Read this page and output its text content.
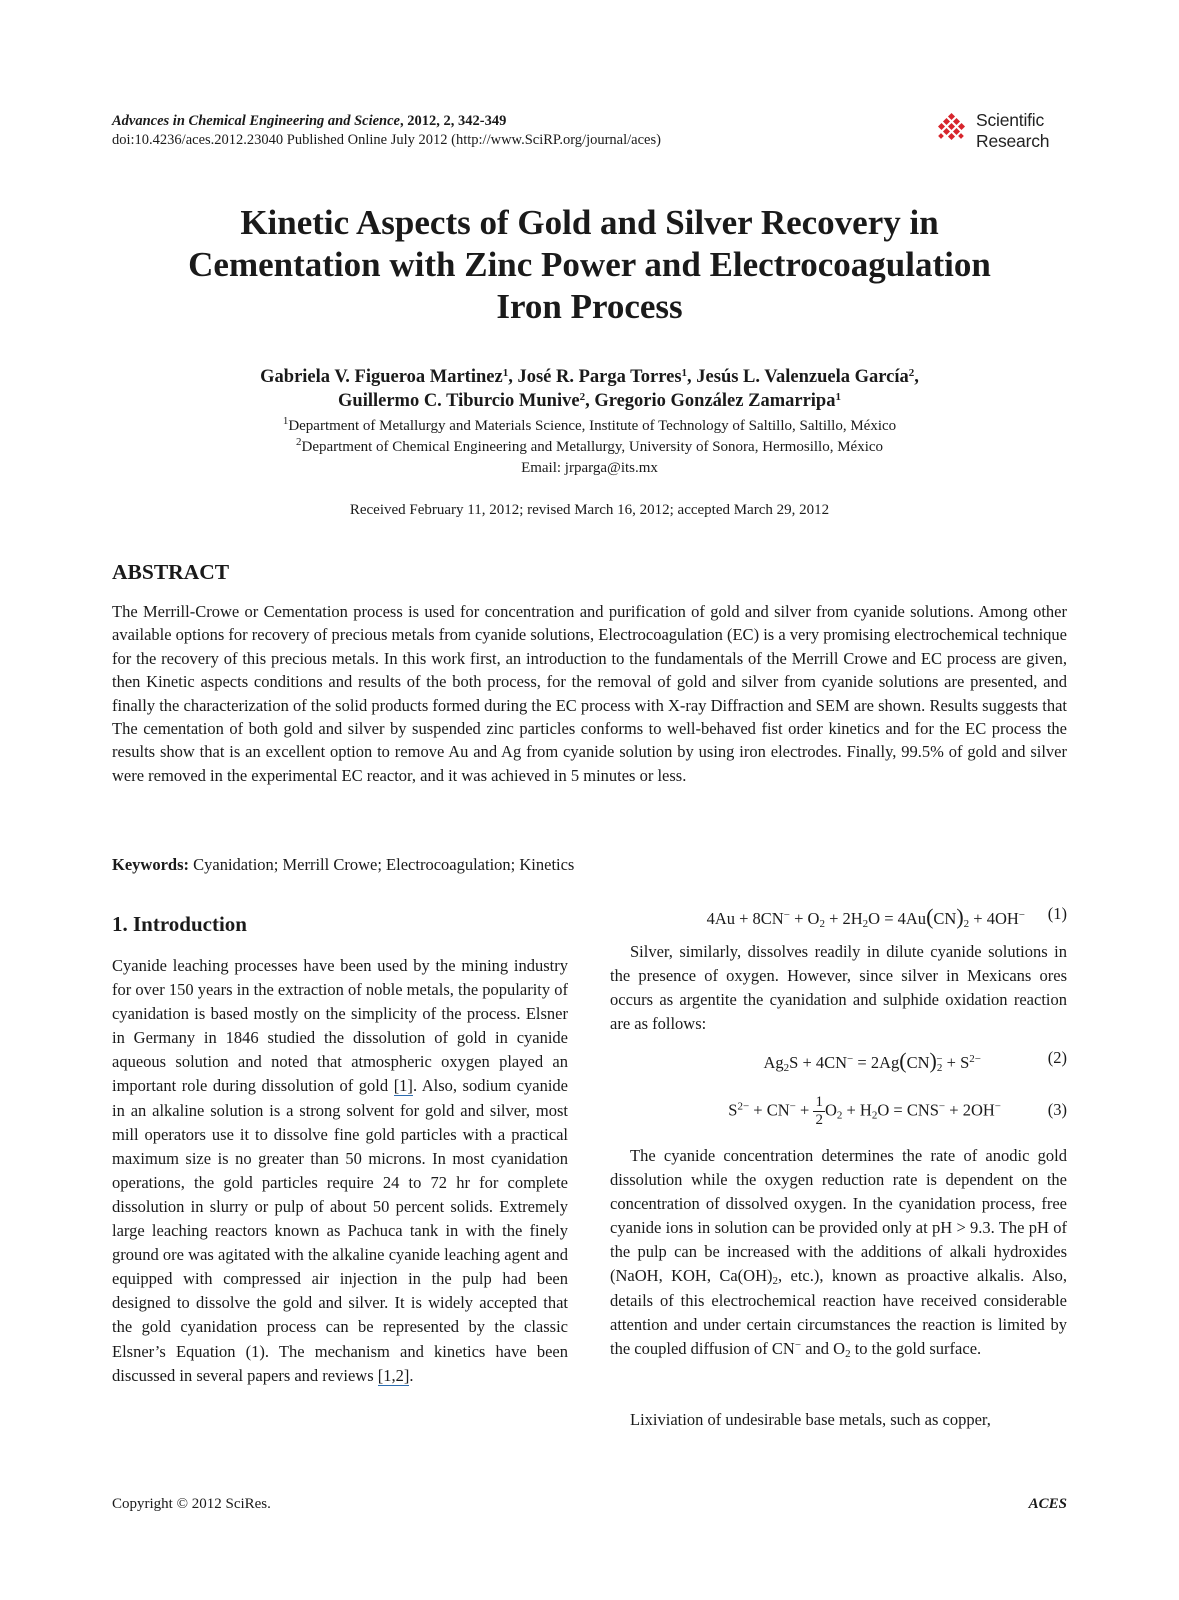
Advances in Chemical Engineering and Science, 2012, 2, 342-349
doi:10.4236/aces.2012.23040 Published Online July 2012 (http://www.SciRP.org/journal/aces)
Scientific
Research
Kinetic Aspects of Gold and Silver Recovery in
Cementation with Zinc Power and Electrocoagulation
Iron Process
Gabriela V. Figueroa Martinez$^1$, José R. Parga Torres$^1$, Jesús L. Valenzuela García$^2$,
Guillermo C. Tiburcio Munive$^2$, Gregorio González Zamarripa$^1$
$^1$Department of Metallurgy and Materials Science, Institute of Technology of Saltillo, Saltillo, México
$^2$Department of Chemical Engineering and Metallurgy, University of Sonora, Hermosillo, México
Email: jrparga@its.mx
Received February 11, 2012; revised March 16, 2012; accepted March 29, 2012
ABSTRACT
The Merrill-Crowe or Cementation process is used for concentration and purification of gold and silver from cyanide solutions. Among other available options for recovery of precious metals from cyanide solutions, Electrocoagulation (EC) is a very promising electrochemical technique for the recovery of this precious metals. In this work first, an introduction to the fundamentals of the Merrill Crowe and EC process are given, then Kinetic aspects conditions and results of the both process, for the removal of gold and silver from cyanide solutions are presented, and finally the characterization of the solid products formed during the EC process with X-ray Diffraction and SEM are shown. Results suggests that The cementation of both gold and silver by suspended zinc particles conforms to well-behaved fist order kinetics and for the EC process the results show that is an excellent option to remove Au and Ag from cyanide solution by using iron electrodes. Finally, 99.5% of gold and silver were removed in the experimental EC reactor, and it was achieved in 5 minutes or less.
Keywords: Cyanidation; Merrill Crowe; Electrocoagulation; Kinetics
1. Introduction
Cyanide leaching processes have been used by the mining industry for over 150 years in the extraction of noble metals, the popularity of cyanidation is based mostly on the simplicity of the process. Elsner in Germany in 1846 studied the dissolution of gold in cyanide aqueous solution and noted that atmospheric oxygen played an important role during dissolution of gold [1]. Also, sodium cyanide in an alkaline solution is a strong solvent for gold and silver, most mill operators use it to dissolve fine gold particles with a practical maximum size is no greater than 50 microns. In most cyanidation operations, the gold particles require 24 to 72 hr for complete dissolution in slurry or pulp of about 50 percent solids. Extremely large leaching reactors known as Pachuca tank in with the finely ground ore was agitated with the alkaline cyanide leaching agent and equipped with compressed air injection in the pulp had been designed to dissolve the gold and silver. It is widely accepted that the gold cyanidation process can be represented by the classic Elsner’s Equation (1). The mechanism and kinetics have been discussed in several papers and reviews [1,2].
$4Au + 8CN^- + O_2 + 2H_2O = 4Au(CN)_2 + 4OH^-$ (1)
Silver, similarly, dissolves readily in dilute cyanide solutions in the presence of oxygen. However, since silver in Mexicans ores occurs as argentite the cyanidation and sulphide oxidation reaction are as follows:
$Ag_2S + 4CN^- = 2Ag(CN)_2^- + S^{2-}$	(2)
$S^{2-} + CN^- + \frac{1}{2} O_2 + H_2O = CNS^- + 2OH^-$	(3)
The cyanide concentration determines the rate of anodic gold dissolution while the oxygen reduction rate is dependent on the concentration of dissolved oxygen. In the cyanidation process, free cyanide ions in solution can be provided only at pH > 9.3. The pH of the pulp can be increased with the additions of alkali hydroxides (NaOH, KOH, $Ca(OH)_2$, etc.), known as proactive alkalis. Also, details of this electrochemical reaction have received considerable attention and under certain circumstances the reaction is limited by the coupled diffusion of CN− and $O_2$ to the gold surface.
Lixiviation of undesirable base metals, such as copper,
Copyright © 2012 SciRes.	ACES
